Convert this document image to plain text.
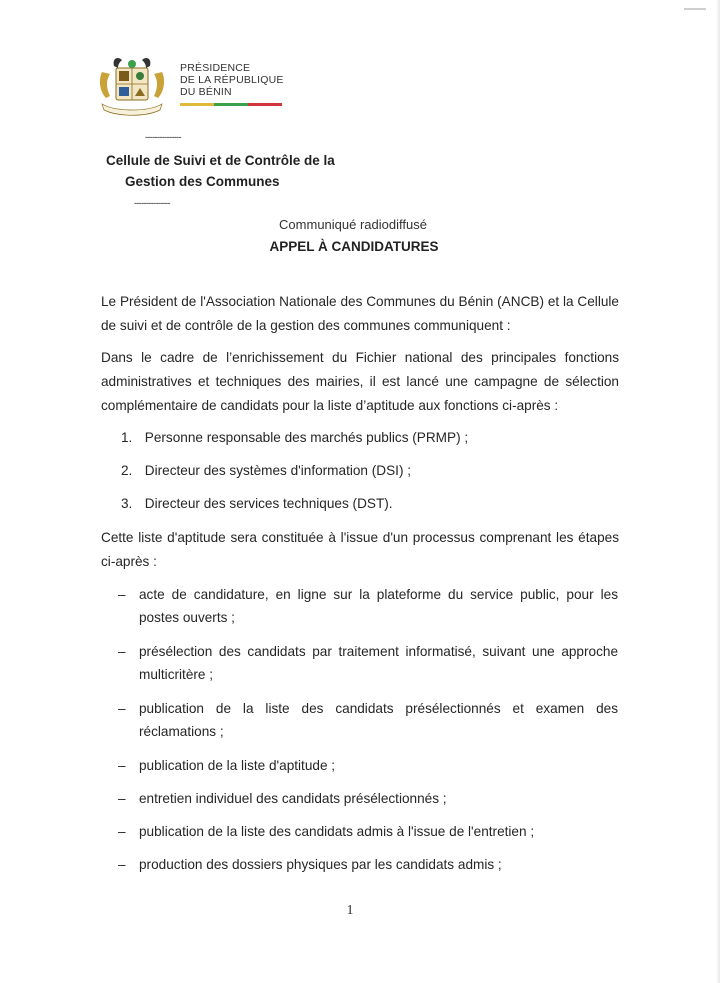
PRÉSIDENCE
DE LA RÉPUBLIQUE
DU BÉNIN
---------------
Cellule de Suivi et de Contrôle de la
Gestion des Communes
---------------
Communiqué radiodiffusé
APPEL À CANDIDATURES
Le Président de l'Association Nationale des Communes du Bénin (ANCB) et la Cellule de suivi et de contrôle de la gestion des communes communiquent :
Dans le cadre de l’enrichissement du Fichier national des principales fonctions administratives et techniques des mairies, il est lancé une campagne de sélection complémentaire de candidats pour la liste d’aptitude aux fonctions ci-après :
1. Personne responsable des marchés publics (PRMP) ;
2. Directeur des systèmes d'information (DSI) ;
3. Directeur des services techniques (DST).
Cette liste d'aptitude sera constituée à l'issue d'un processus comprenant les étapes ci-après :
– acte de candidature, en ligne sur la plateforme du service public, pour les postes ouverts ;
– présélection des candidats par traitement informatisé, suivant une approche multicritère ;
– publication de la liste des candidats présélectionnés et examen des réclamations ;
– publication de la liste d'aptitude ;
– entretien individuel des candidats présélectionnés ;
– publication de la liste des candidats admis à l'issue de l'entretien ;
– production des dossiers physiques par les candidats admis ;
1
